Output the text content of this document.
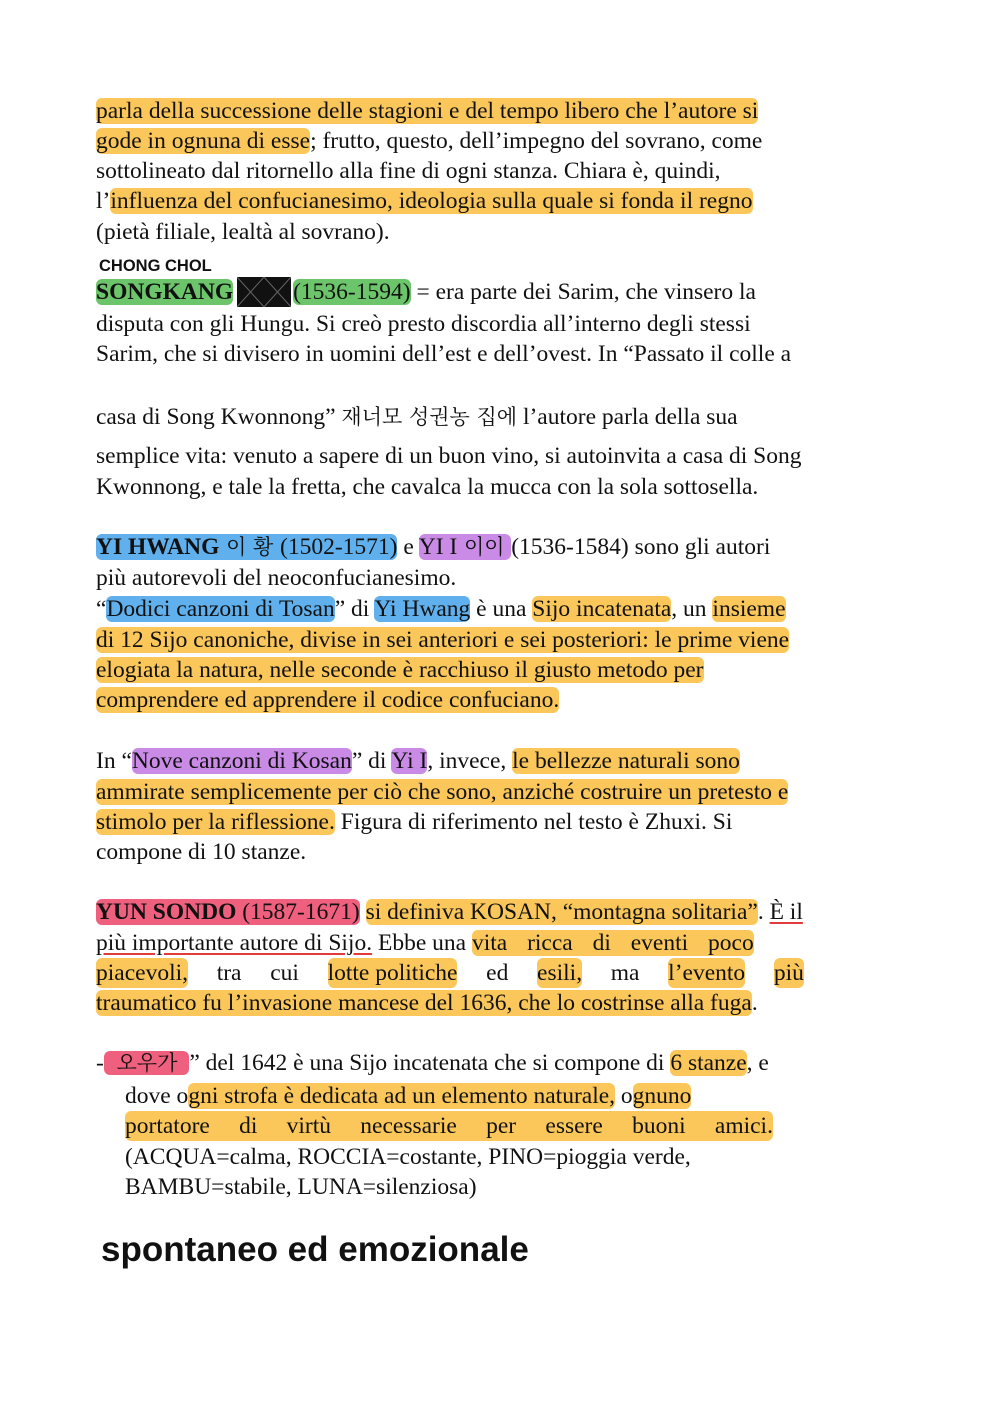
parla della successione delle stagioni e del tempo libero che l’autore si
gode in ognuna di esse; frutto, questo, dell’impegno del sovrano, come
sottolineato dal ritornello alla fine di ogni stanza. Chiara è, quindi,
l’influenza del confucianesimo, ideologia sulla quale si fonda il regno
(pietà filiale, lealtà al sovrano).
CHONG CHOL
SONGKANG	(1536-1594) = era parte dei Sarim, che vinsero la
disputa con gli Hungu. Si creò presto discordia all’interno degli stessi
Sarim, che si divisero in uomini dell’est e dell’ovest. In “Passato il colle a
casa di Song Kwonnong” 재너모 성권농 집에 l’autore parla della sua
semplice vita: venuto a sapere di un buon vino, si autoinvita a casa di Song
Kwonnong, e tale la fretta, che cavalca la mucca con la sola sottosella.
YI HWANG 이 황 (1502-1571) e YI I 이이 (1536-1584) sono gli autori
più autorevoli del neoconfucianesimo.
“Dodici canzoni di Tosan” di Yi Hwang è una Sijo incatenata, un insieme
di 12 Sijo canoniche, divise in sei anteriori e sei posteriori: le prime viene
elogiata la natura, nelle seconde è racchiuso il giusto metodo per
comprendere ed apprendere il codice confuciano.
In “Nove canzoni di Kosan” di Yi I, invece, le bellezze naturali sono
ammirate semplicemente per ciò che sono, anziché costruire un pretesto e
stimolo per la riflessione. Figura di riferimento nel testo è Zhuxi. Si
compone di 10 stanze.
YUN SONDO (1587-1671) si definiva KOSAN, “montagna solitaria”. È il
più importante autore di Sijo. Ebbe una vita ricca di eventi poco
piacevoli, tra cui lotte politiche ed esili, ma l’evento più
traumatico fu l’invasione mancese del 1636, che lo costrinse alla fuga.
- 오우가 ” del 1642 è una Sijo incatenata che si compone di 6 stanze, e
dove ogni strofa è dedicata ad un elemento naturale, ognuno
portatore di virtù necessarie per essere buoni amici.
(ACQUA=calma, ROCCIA=costante, PINO=pioggia verde,
BAMBU=stabile, LUNA=silenziosa)
spontaneo ed emozionale
